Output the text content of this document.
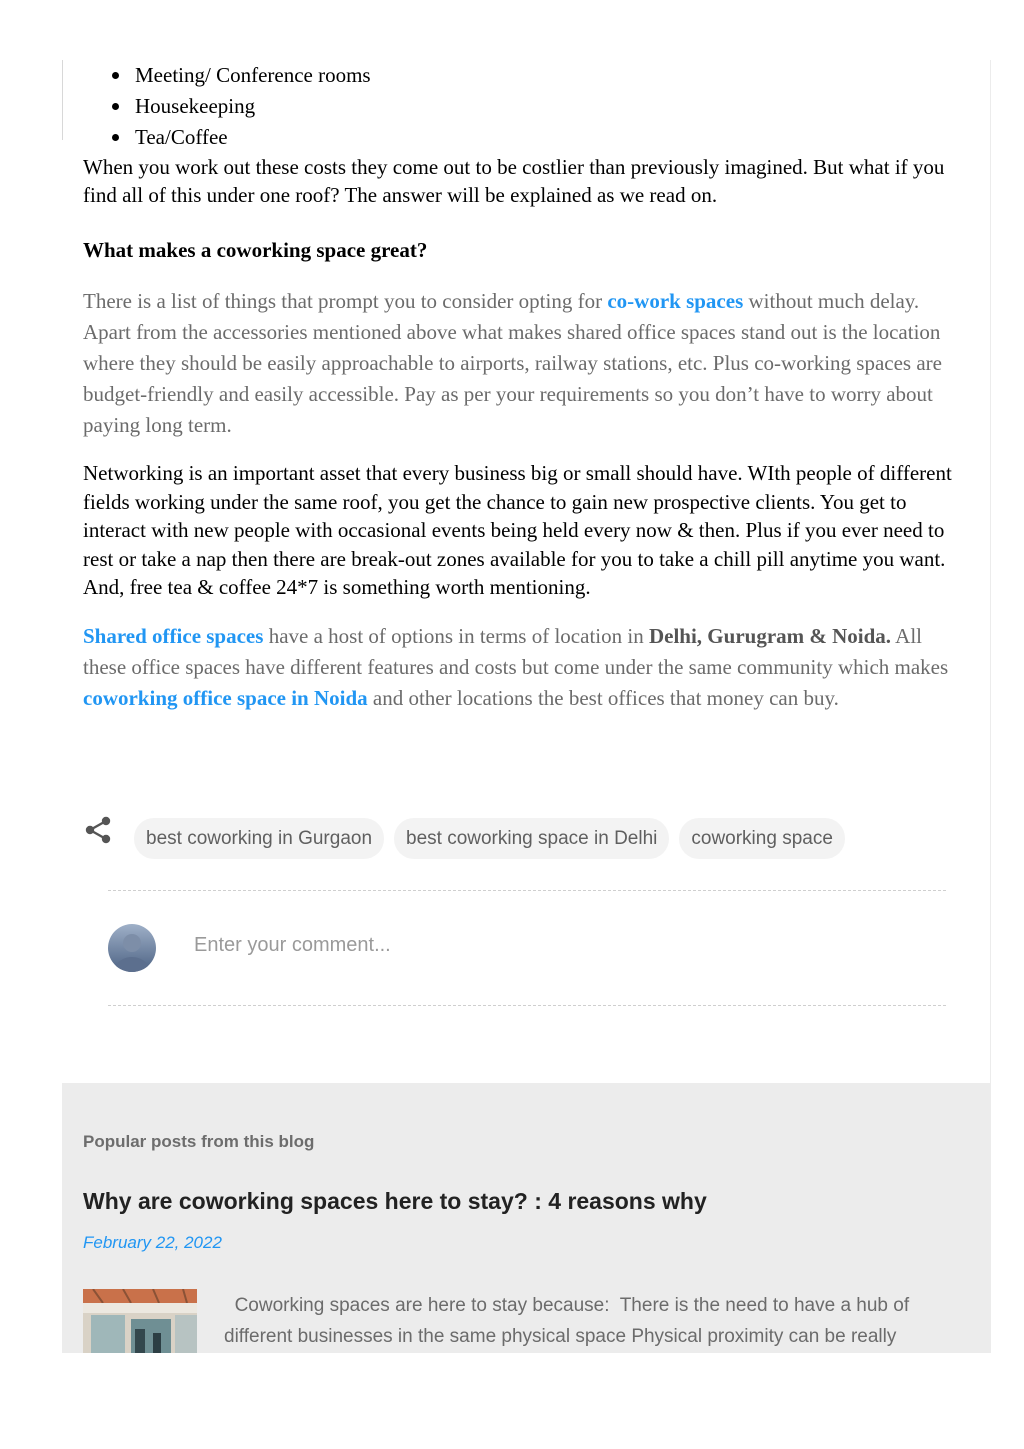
Meeting/ Conference rooms
Housekeeping
Tea/Coffee

When you work out these costs they come out to be costlier than previously imagined. But what if you find all of this under one roof? The answer will be explained as we read on.

What makes a coworking space great?

There is a list of things that prompt you to consider opting for co-work spaces without much delay. Apart from the accessories mentioned above what makes shared office spaces stand out is the location where they should be easily approachable to airports, railway stations, etc. Plus co-working spaces are budget-friendly and easily accessible. Pay as per your requirements so you don’t have to worry about paying long term.

Networking is an important asset that every business big or small should have. WIth people of different fields working under the same roof, you get the chance to gain new prospective clients. You get to interact with new people with occasional events being held every now & then. Plus if you ever need to rest or take a nap then there are break-out zones available for you to take a chill pill anytime you want. And, free tea & coffee 24*7 is something worth mentioning.

Shared office spaces have a host of options in terms of location in Delhi, Gurugram & Noida. All these office spaces have different features and costs but come under the same community which makes coworking office space in Noida and other locations the best offices that money can buy.

best coworking in Gurgaon	best coworking space in Delhi	coworking space
Enter your comment...
Popular posts from this blog
Why are coworking spaces here to stay? : 4 reasons why
February 22, 2022
Coworking spaces are here to stay because:  There is the need to have a hub of different businesses in the same physical space Physical proximity can be really
